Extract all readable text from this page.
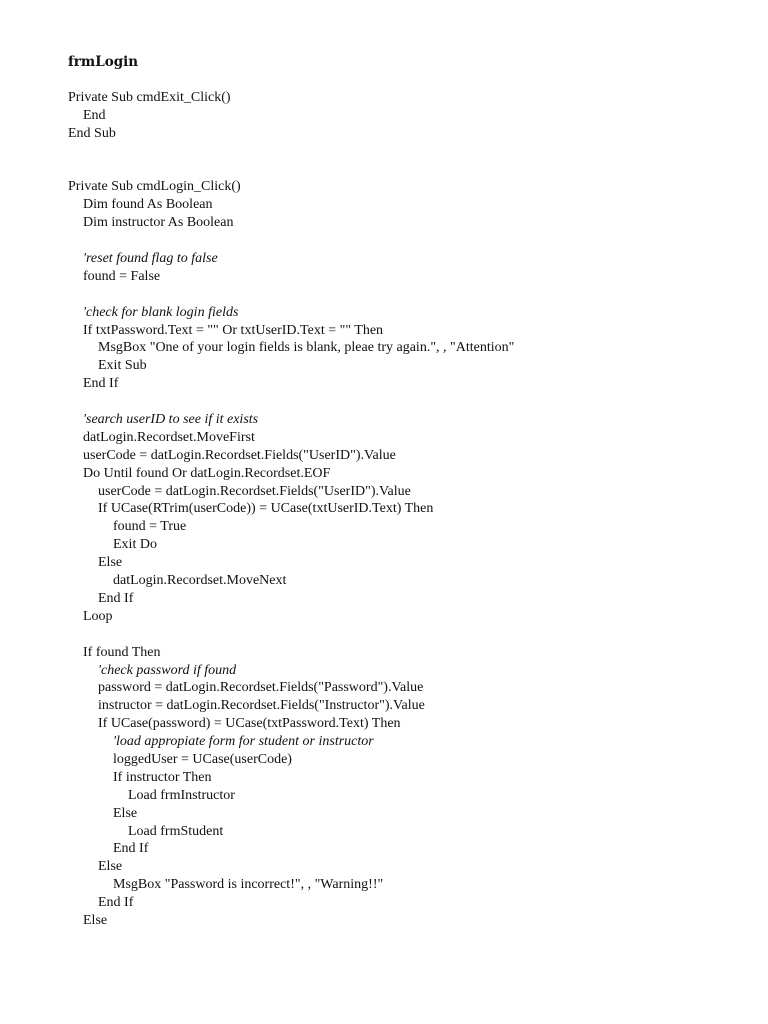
frmLogin
Private Sub cmdExit_Click()
End
End Sub
Private Sub cmdLogin_Click()
Dim found As Boolean
Dim instructor As Boolean
'reset found flag to false
found = False
'check for blank login fields
If txtPassword.Text = "" Or txtUserID.Text = "" Then
MsgBox "One of your login fields is blank, pleae try again.", , "Attention"
Exit Sub
End If
'search userID to see if it exists
datLogin.Recordset.MoveFirst
userCode = datLogin.Recordset.Fields("UserID").Value
Do Until found Or datLogin.Recordset.EOF
userCode = datLogin.Recordset.Fields("UserID").Value
If UCase(RTrim(userCode)) = UCase(txtUserID.Text) Then
found = True
Exit Do
Else
datLogin.Recordset.MoveNext
End If
Loop
If found Then
'check password if found
password = datLogin.Recordset.Fields("Password").Value
instructor = datLogin.Recordset.Fields("Instructor").Value
If UCase(password) = UCase(txtPassword.Text) Then
'load appropiate form for student or instructor
loggedUser = UCase(userCode)
If instructor Then
Load frmInstructor
Else
Load frmStudent
End If
Else
MsgBox "Password is incorrect!", , "Warning!!"
End If
Else
